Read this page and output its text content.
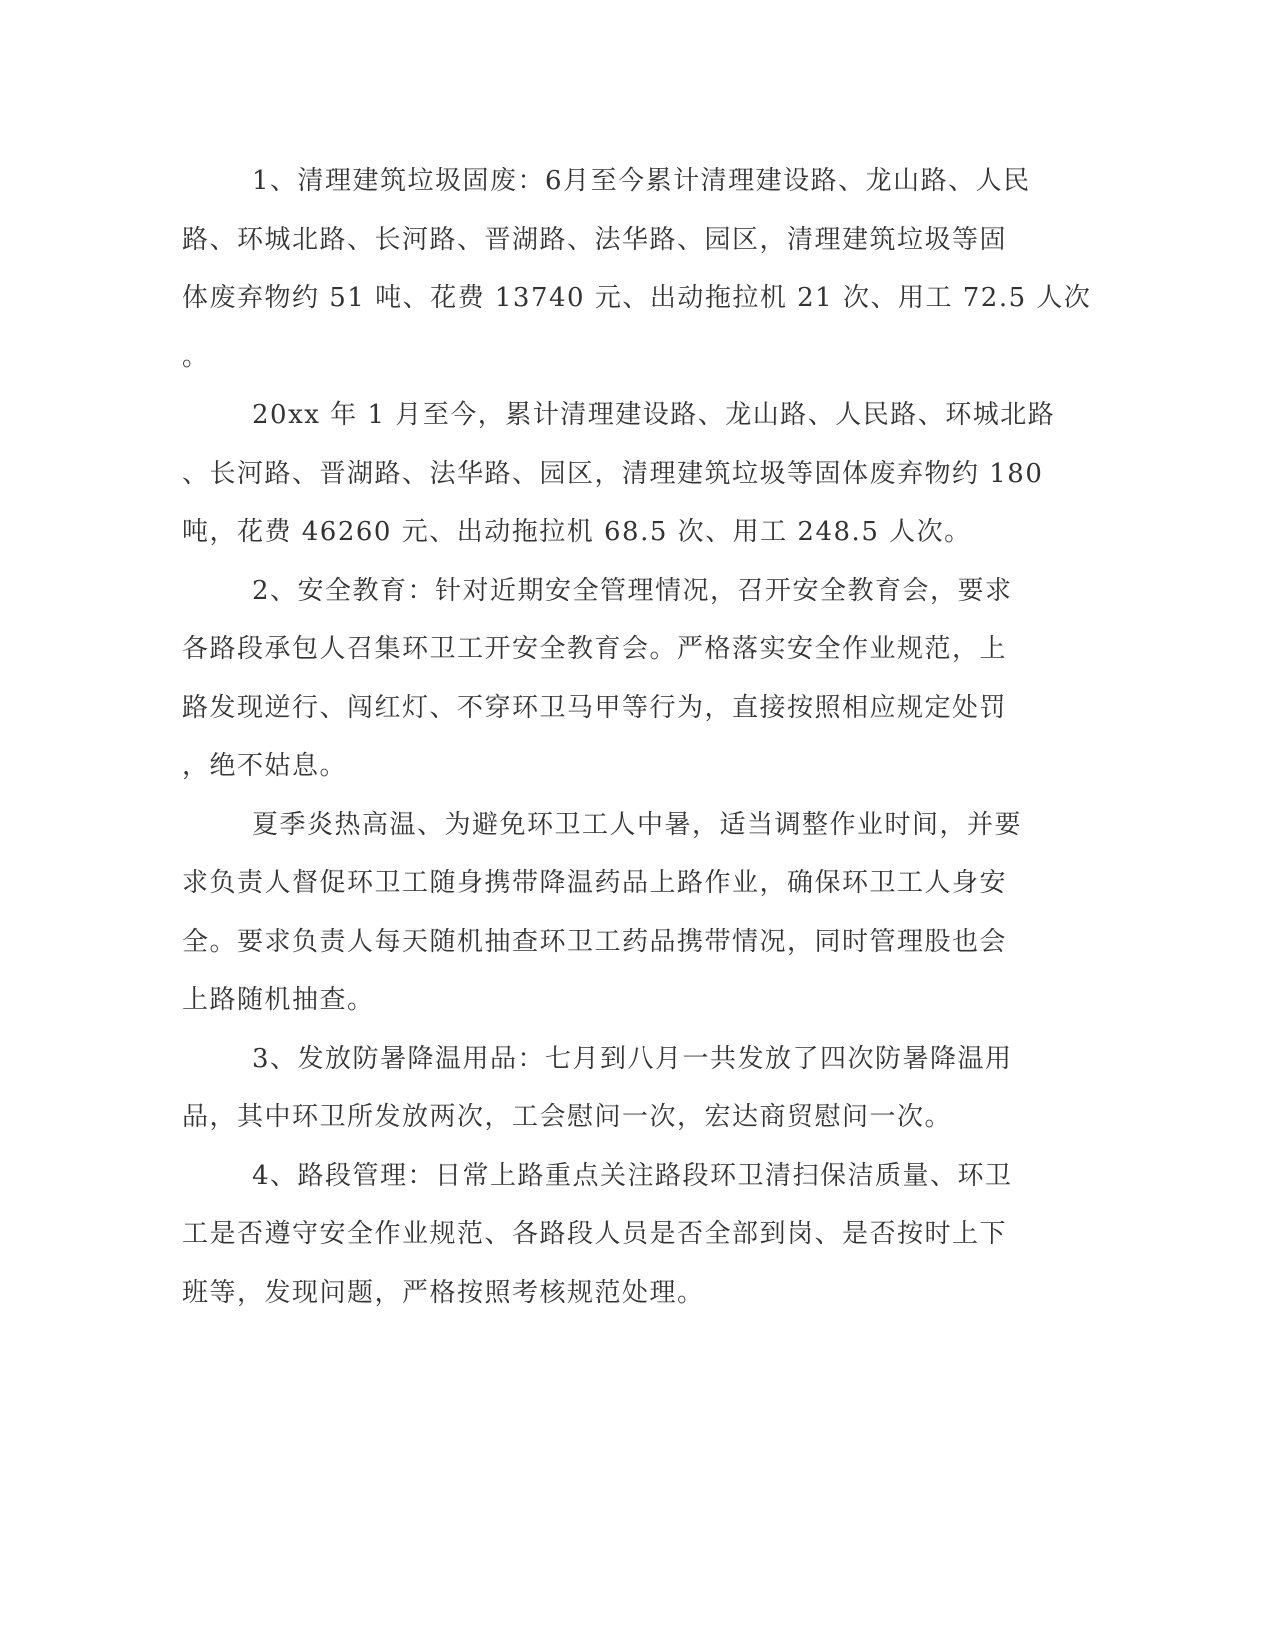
1、清理建筑垃圾固废：6月至今累计清理建设路、龙山路、人民
路、环城北路、长河路、晋湖路、法华路、园区，清理建筑垃圾等固
体废弃物约 51 吨、花费 13740 元、出动拖拉机 21 次、用工 72.5 人次
。
20xx 年 1 月至今，累计清理建设路、龙山路、人民路、环城北路
、长河路、晋湖路、法华路、园区，清理建筑垃圾等固体废弃物约 180
吨，花费 46260 元、出动拖拉机 68.5 次、用工 248.5 人次。
2、安全教育：针对近期安全管理情况，召开安全教育会，要求
各路段承包人召集环卫工开安全教育会。严格落实安全作业规范，上
路发现逆行、闯红灯、不穿环卫马甲等行为，直接按照相应规定处罚
，绝不姑息。
夏季炎热高温、为避免环卫工人中暑，适当调整作业时间，并要
求负责人督促环卫工随身携带降温药品上路作业，确保环卫工人身安
全。要求负责人每天随机抽查环卫工药品携带情况，同时管理股也会
上路随机抽查。
3、发放防暑降温用品：七月到八月一共发放了四次防暑降温用
品，其中环卫所发放两次，工会慰问一次，宏达商贸慰问一次。
4、路段管理：日常上路重点关注路段环卫清扫保洁质量、环卫
工是否遵守安全作业规范、各路段人员是否全部到岗、是否按时上下
班等，发现问题，严格按照考核规范处理。
